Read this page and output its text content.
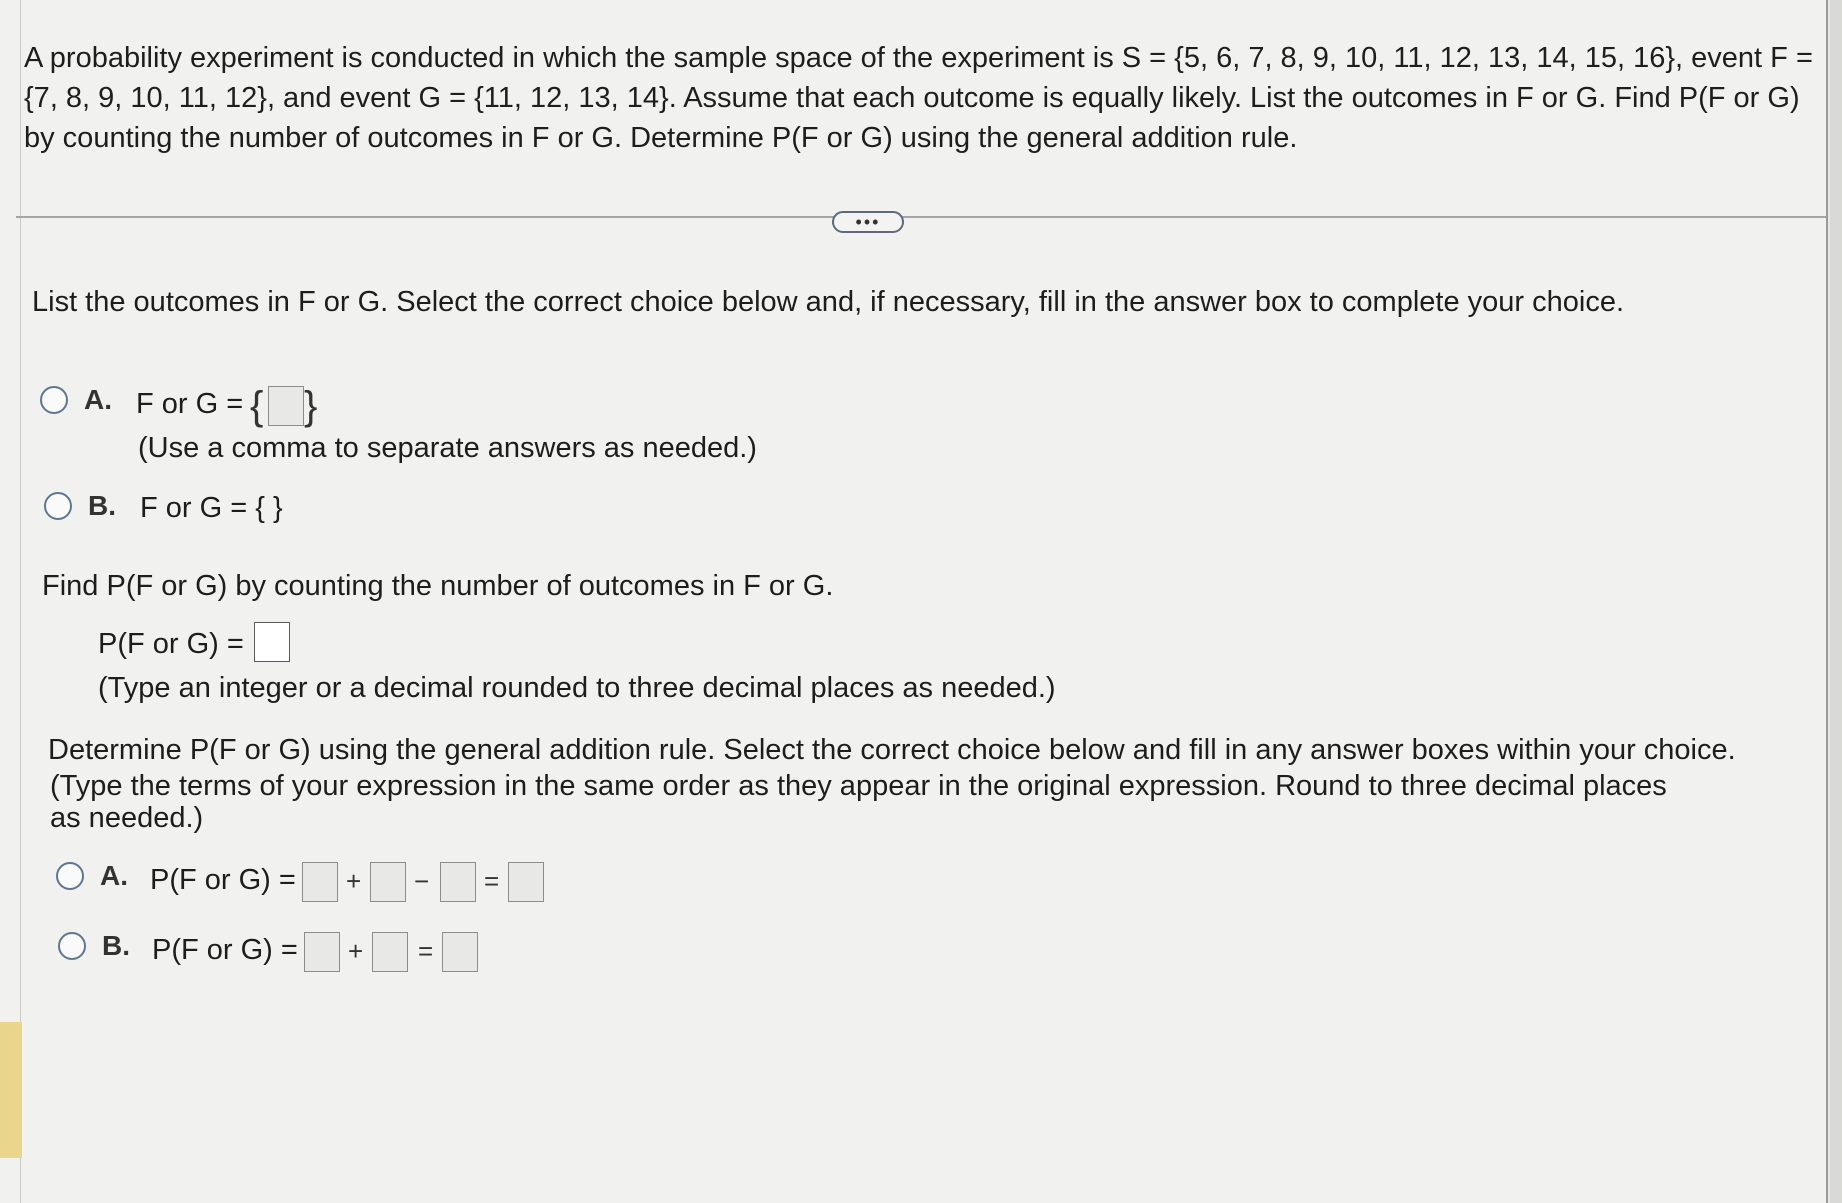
A probability experiment is conducted in which the sample space of the experiment is S = {5, 6, 7, 8, 9, 10, 11, 12, 13, 14, 15, 16}, event F = {7, 8, 9, 10, 11, 12}, and event G = {11, 12, 13, 14}. Assume that each outcome is equally likely. List the outcomes in F or G. Find P(F or G) by counting the number of outcomes in F or G. Determine P(F or G) using the general addition rule.
•••
List the outcomes in F or G. Select the correct choice below and, if necessary, fill in the answer box to complete your choice.
A. F or G = { }
(Use a comma to separate answers as needed.)
B. F or G = { }
Find P(F or G) by counting the number of outcomes in F or G.
P(F or G) =
(Type an integer or a decimal rounded to three decimal places as needed.)
Determine P(F or G) using the general addition rule. Select the correct choice below and fill in any answer boxes within your choice.
(Type the terms of your expression in the same order as they appear in the original expression. Round to three decimal places
as needed.)
A. P(F or G) = + − =
B. P(F or G) = + =
